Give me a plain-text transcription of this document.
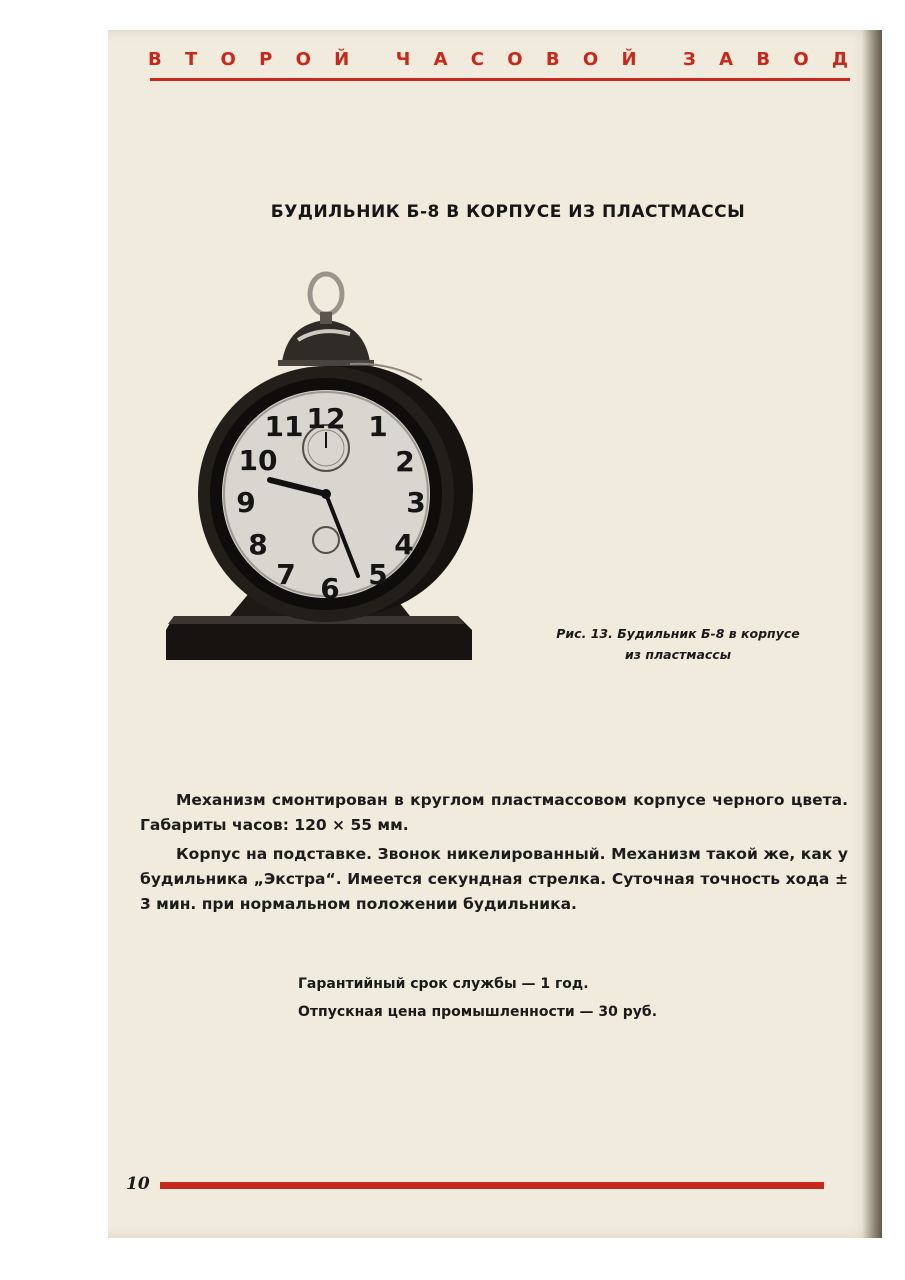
В Т О Р О Й	Ч А С О В О Й	З А В О Д
БУДИЛЬНИК Б-8 В КОРПУСЕ ИЗ ПЛАСТМАССЫ
12 1
2
3
4
5
6
7
8
9
10
11
Рис. 13. Будильник Б-8 в корпусе
из пластмассы

Механизм смонтирован в круглом пластмассовом корпусе черного цвета. Габариты часов: 120 × 55 мм.

Корпус на подставке. Звонок никелированный. Механизм такой же, как у будильника „Экстра“. Имеется секундная стрелка. Суточная точность хода ± 3 мин. при нормальном положении будильника.

Гарантийный срок службы — 1 год.
Отпускная цена промышленности — 30 руб.
10
